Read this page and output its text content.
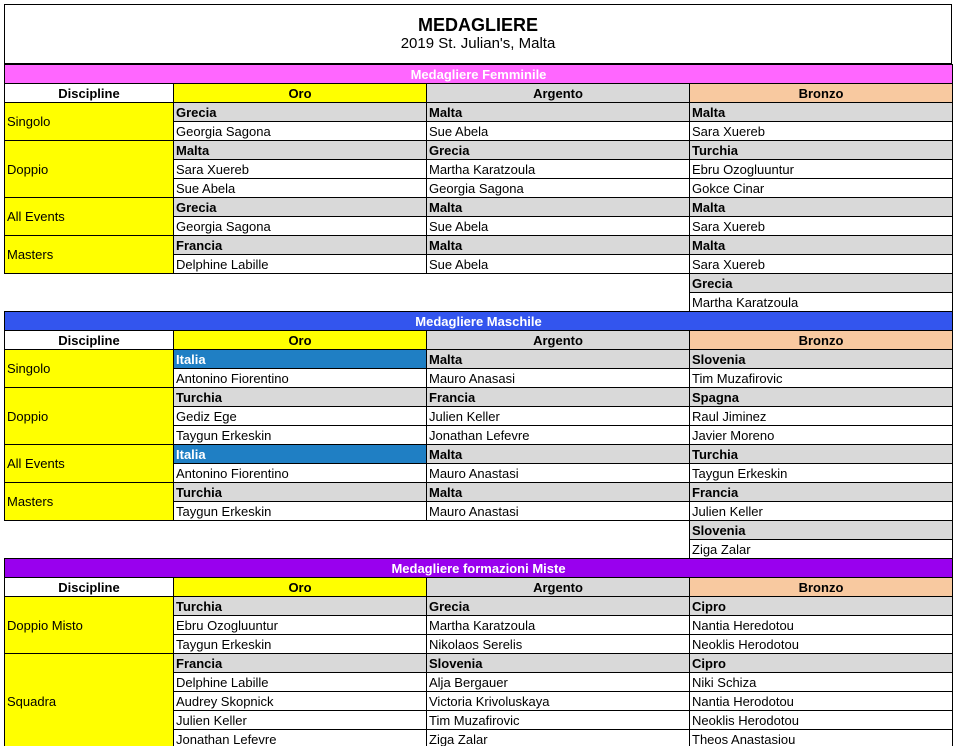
MEDAGLIERE
2019 St. Julian's, Malta
Medagliere Femminile			
Discipline	Oro	Argento	Bronzo
Singolo	Grecia	Malta	Malta
	Georgia Sagona	Sue Abela	Sara Xuereb
Doppio	Malta	Grecia	Turchia
	Sara Xuereb	Martha Karatzoula	Ebru Ozogluuntur
	Sue Abela	Georgia Sagona	Gokce Cinar
All Events	Grecia	Malta	Malta
	Georgia Sagona	Sue Abela	Sara Xuereb
Masters	Francia	Malta	Malta
	Delphine Labille	Sue Abela	Sara Xuereb
			Grecia
			Martha Karatzoula
Medagliere Maschile			
Discipline	Oro	Argento	Bronzo
Singolo	Italia	Malta	Slovenia
	Antonino Fiorentino	Mauro Anasasi	Tim Muzafirovic
Doppio	Turchia	Francia	Spagna
	Gediz Ege	Julien Keller	Raul Jiminez
	Taygun Erkeskin	Jonathan Lefevre	Javier Moreno
All Events	Italia	Malta	Turchia
	Antonino Fiorentino	Mauro Anastasi	Taygun Erkeskin
Masters	Turchia	Malta	Francia
	Taygun Erkeskin	Mauro Anastasi	Julien Keller
			Slovenia
			Ziga Zalar
Medagliere formazioni Miste			
Discipline	Oro	Argento	Bronzo
Doppio Misto	Turchia	Grecia	Cipro
	Ebru Ozogluuntur	Martha Karatzoula	Nantia Heredotou
	Taygun Erkeskin	Nikolaos Serelis	Neoklis Herodotou
Squadra	Francia	Slovenia	Cipro
	Delphine Labille	Alja Bergauer	Niki Schiza
	Audrey Skopnick	Victoria Krivoluskaya	Nantia Herodotou
	Julien Keller	Tim Muzafirovic	Neoklis Herodotou
	Jonathan Lefevre	Ziga Zalar	Theos Anastasiou
